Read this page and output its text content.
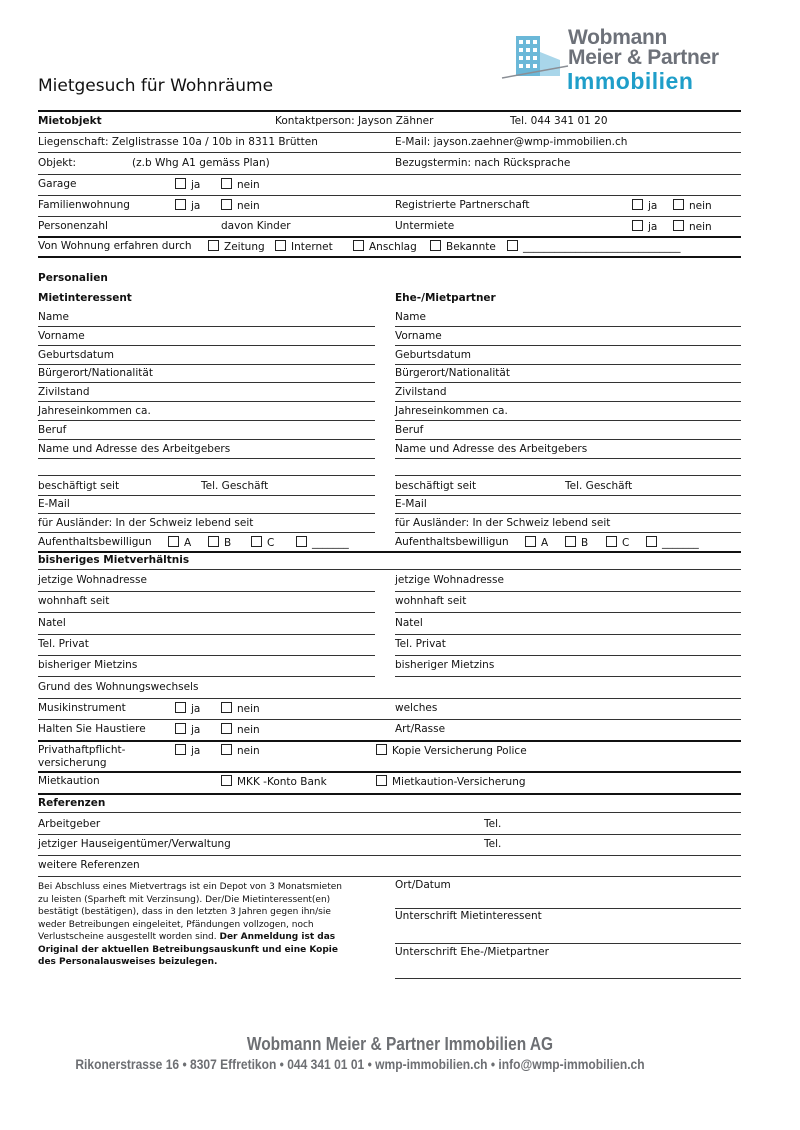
Wobmann
Meier & Partner
Immobilien
Mietgesuch für Wohnräume
Mietobjekt	Kontaktperson: Jayson Zähner	Tel. 044 341 01 20
Liegenschaft: Zelglistrasse 10a / 10b in 8311 Brütten	E-Mail: jayson.zaehner@wmp-immobilien.ch
Objekt:	(z.b Whg A1 gemäss Plan)	Bezugstermin: nach Rücksprache
Garage	ja	nein
Familienwohnung	ja	nein	Registrierte Partnerschaft	ja	nein
Personenzahl	davon Kinder	Untermiete	ja	nein
Von Wohnung erfahren durch	Zeitung	Internet	Anschlag	Bekannte	______________________________
Personalien
Mietinteressent	Ehe-/Mietpartner
Name	Name
Vorname	Vorname
Geburtsdatum	Geburtsdatum
Bürgerort/Nationalität	Bürgerort/Nationalität
Zivilstand	Zivilstand
Jahreseinkommen ca.	Jahreseinkommen ca.
Beruf	Beruf
Name und Adresse des Arbeitgebers	Name und Adresse des Arbeitgebers
beschäftigt seit	Tel. Geschäft	beschäftigt seit	Tel. Geschäft
E-Mail	E-Mail
für Ausländer: In der Schweiz lebend seit	für Ausländer: In der Schweiz lebend seit
Aufenthaltsbewilligun	A	B	C	_______	Aufenthaltsbewilligun	A	B	C	_______
bisheriges Mietverhältnis
jetzige Wohnadresse	jetzige Wohnadresse
wohnhaft seit	wohnhaft seit
Natel	Natel
Tel. Privat	Tel. Privat
bisheriger Mietzins	bisheriger Mietzins
Grund des Wohnungswechsels
Musikinstrument	ja	nein	welches
Halten Sie Haustiere	ja	nein	Art/Rasse
Privathaftpflicht-
versicherung
ja	nein	Kopie Versicherung Police
Mietkaution	MKK -Konto Bank	Mietkaution-Versicherung
Referenzen
Arbeitgeber	Tel.
jetziger Hauseigentümer/Verwaltung	Tel.
weitere Referenzen
Bei Abschluss eines Mietvertrags ist ein Depot von 3 Monatsmieten
zu leisten (Sparheft mit Verzinsung). Der/Die Mietinteressent(en)
bestätigt (bestätigen), dass in den letzten 3 Jahren gegen ihn/sie
weder Betreibungen eingeleitet, Pfändungen vollzogen, noch
Verlustscheine ausgestellt worden sind. Der Anmeldung ist das
Original der aktuellen Betreibungsauskunft und eine Kopie
des Personalausweises beizulegen.
Ort/Datum
Unterschrift Mietinteressent
Unterschrift Ehe-/Mietpartner
Wobmann Meier & Partner Immobilien AG
Rikonerstrasse 16 • 8307 Effretikon • 044 341 01 01 • wmp-immobilien.ch • info@wmp-immobilien.ch
